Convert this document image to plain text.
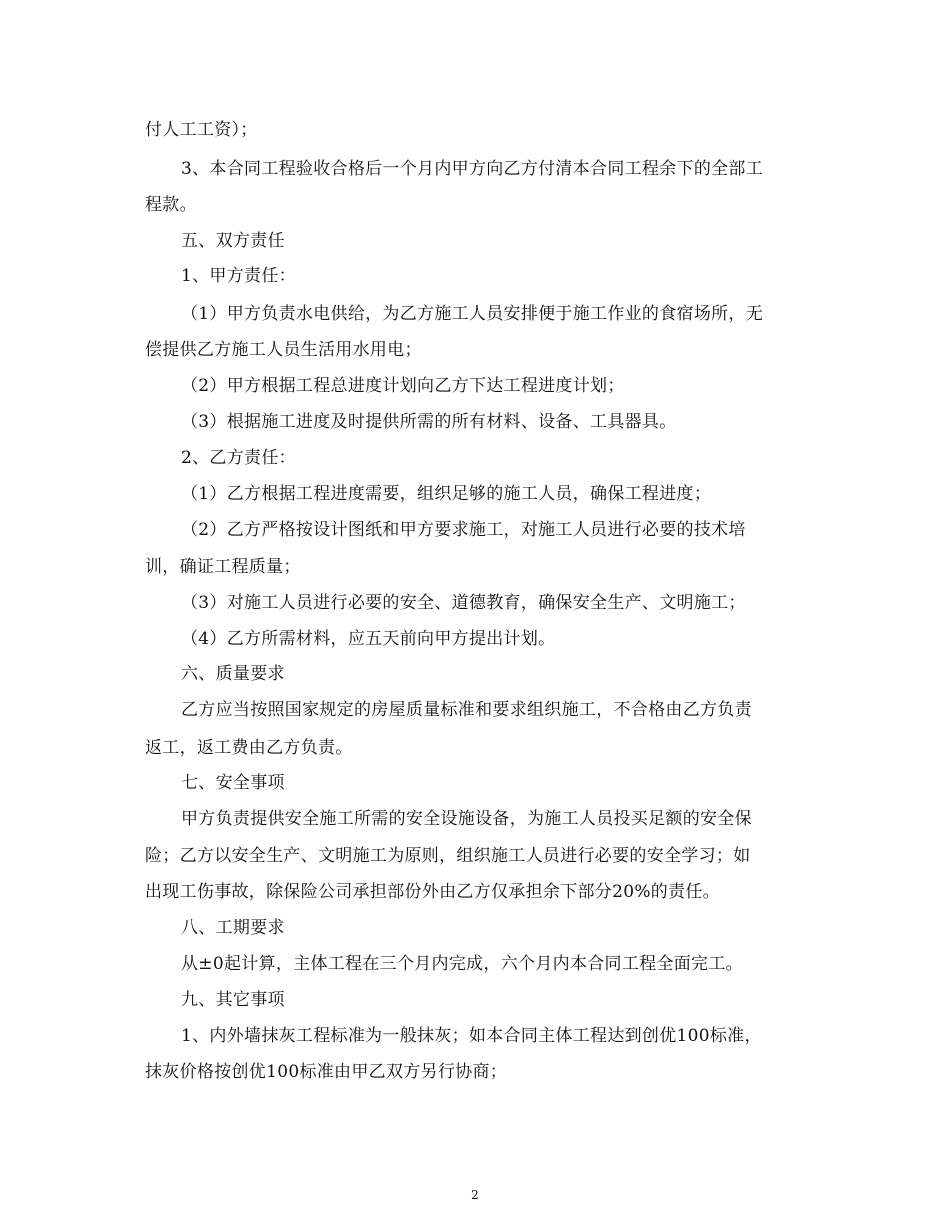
付人工工资）；
3、本合同工程验收合格后一个月内甲方向乙方付清本合同工程余下的全部工
程款。
五、双方责任
1、甲方责任：
（1）甲方负责水电供给，为乙方施工人员安排便于施工作业的食宿场所，无
偿提供乙方施工人员生活用水用电；
（2）甲方根据工程总进度计划向乙方下达工程进度计划；
（3）根据施工进度及时提供所需的所有材料、设备、工具器具。
2、乙方责任：
（1）乙方根据工程进度需要，组织足够的施工人员，确保工程进度；
（2）乙方严格按设计图纸和甲方要求施工，对施工人员进行必要的技术培
训，确证工程质量；
（3）对施工人员进行必要的安全、道德教育，确保安全生产、文明施工；
（4）乙方所需材料，应五天前向甲方提出计划。
六、质量要求
乙方应当按照国家规定的房屋质量标准和要求组织施工，不合格由乙方负责
返工，返工费由乙方负责。
七、安全事项
甲方负责提供安全施工所需的安全设施设备，为施工人员投买足额的安全保
险；乙方以安全生产、文明施工为原则，组织施工人员进行必要的安全学习；如
出现工伤事故，除保险公司承担部份外由乙方仅承担余下部分20%的责任。
八、工期要求
从±0起计算，主体工程在三个月内完成，六个月内本合同工程全面完工。
九、其它事项
1、内外墙抹灰工程标准为一般抹灰；如本合同主体工程达到创优100标准，
抹灰价格按创优100标准由甲乙双方另行协商；
2
